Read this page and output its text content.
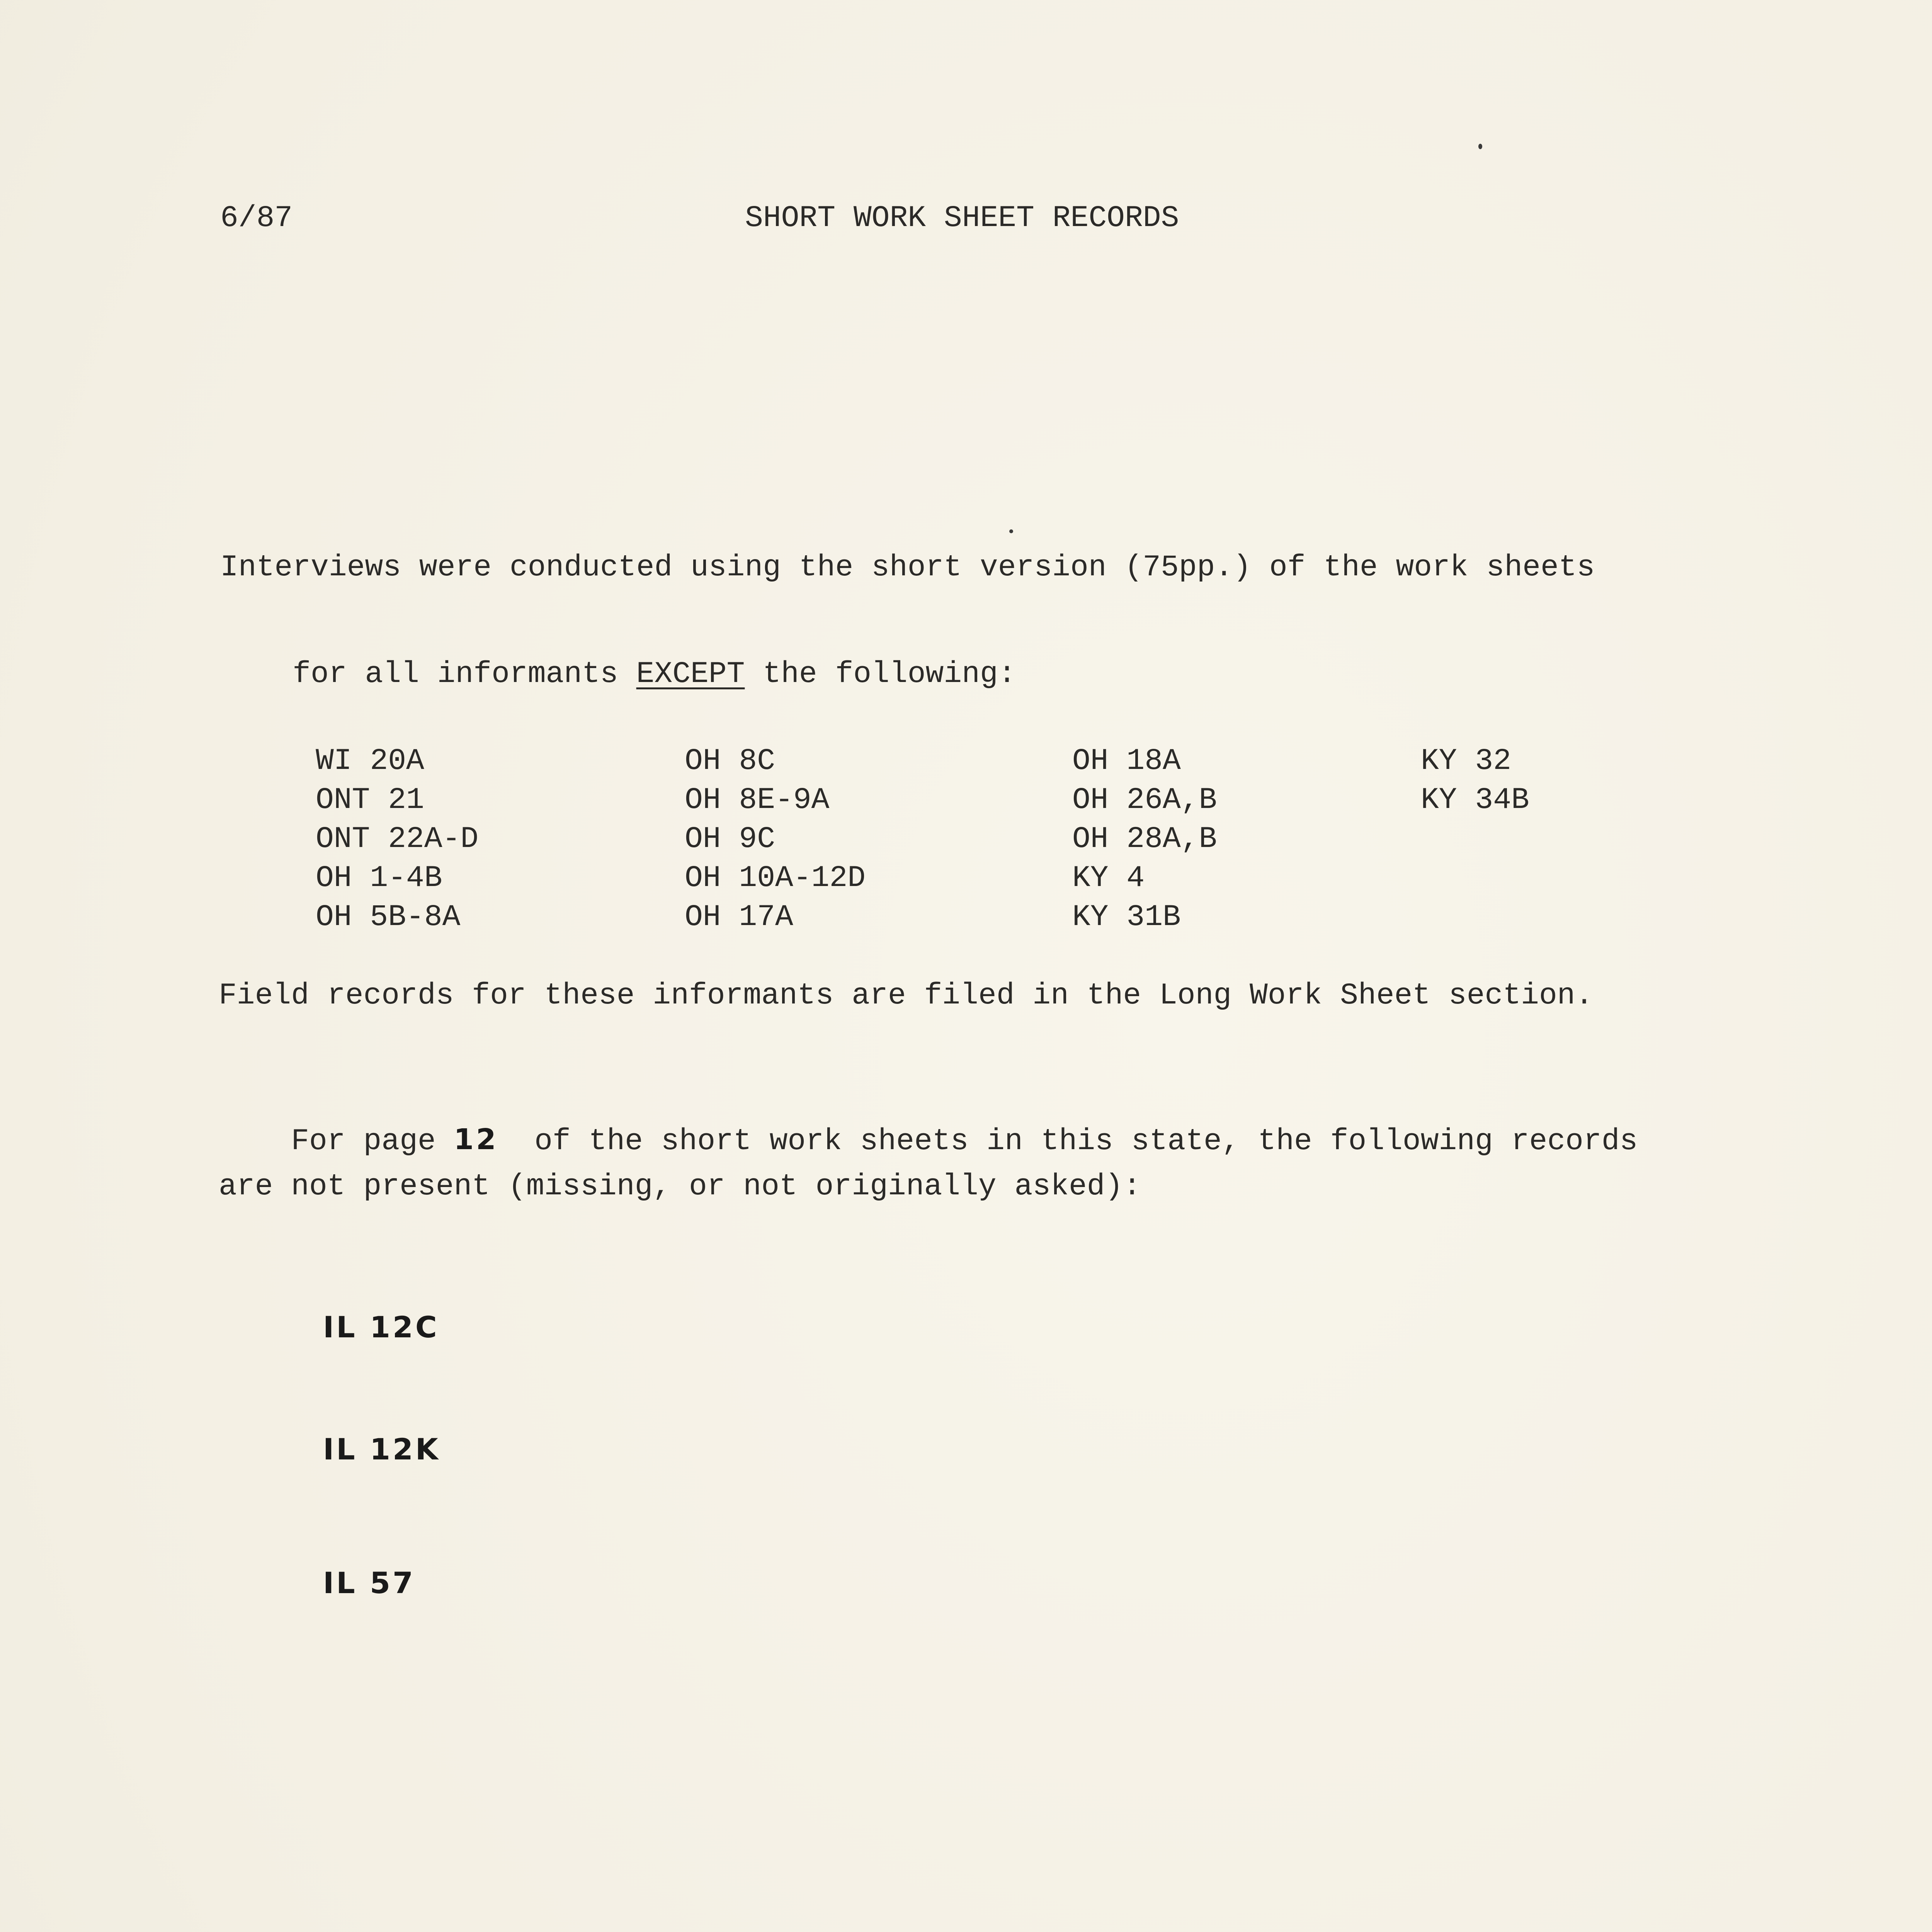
6/87	SHORT WORK SHEET RECORDS
Interviews were conducted using the short version (75pp.) of the work sheets

for all informants EXCEPT the following:

WI 20A
ONT 21
ONT 22A-D
OH 1-4B
OH 5B-8A
OH 8C
OH 8E-9A
OH 9C
OH 10A-12D
OH 17A
OH 18A
OH 26A,B
OH 28A,B
KY 4
KY 31B
KY 32
KY 34B
Field records for these informants are filed in the Long Work Sheet section.

For page 12  of the short work sheets in this state, the following records

are not present (missing, or not originally asked):
IL 12C
IL 12K
IL 57
